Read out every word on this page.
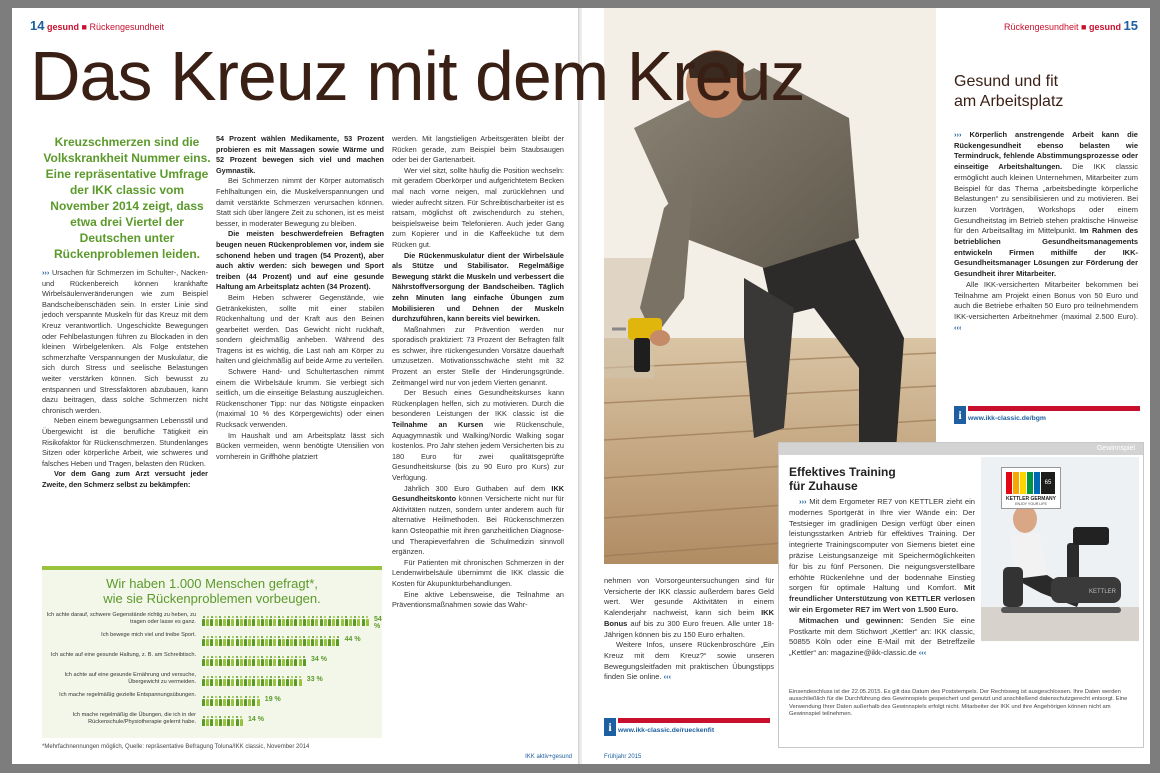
14 gesund ■ Rückengesundheit
Kreuzschmerzen sind die Volkskrankheit Nummer eins. Eine repräsentative Umfrage der IKK classic vom November 2014 zeigt, dass etwa drei Viertel der Deutschen unter Rückenproblemen leiden.

››› Ursachen für Schmerzen im Schulter-, Nacken- und Rückenbereich können krankhafte Wirbelsäulenveränderungen wie zum Beispiel Bandscheibenschäden sein. In erster Linie sind jedoch verspannte Muskeln für das Kreuz mit dem Kreuz verantwortlich. Ungeschickte Bewegungen oder Fehlbelastungen führen zu Blockaden in den kleinen Wirbelgelenken. Als Folge entstehen schmerzhafte Verspannungen der Muskulatur, die sich durch Stress und seelische Belastungen weiter verstärken können. Sich bewusst zu entspannen und Stressfaktoren abzubauen, kann dazu beitragen, dass solche Schmerzen nicht chronisch werden.

Neben einem bewegungsarmen Lebensstil und Übergewicht ist die berufliche Tätigkeit ein Risikofaktor für Rückenschmerzen. Stundenlanges Sitzen oder körperliche Arbeit, wie schweres und falsches Heben und Tragen, belasten den Rücken.

Vor dem Gang zum Arzt versucht jeder Zweite, den Schmerz selbst zu bekämpfen:

54 Prozent wählen Medikamente, 53 Prozent probieren es mit Massagen sowie Wärme und 52 Prozent bewegen sich viel und machen Gymnastik.

Bei Schmerzen nimmt der Körper automatisch Fehlhaltungen ein, die Muskelverspannungen und damit verstärkte Schmerzen verursachen können. Statt sich über längere Zeit zu schonen, ist es meist besser, in moderater Bewegung zu bleiben.

Die meisten beschwerdefreien Befragten beugen neuen Rückenproblemen vor, indem sie schonend heben und tragen (54 Prozent), aber auch aktiv werden: sich bewegen und Sport treiben (44 Prozent) und auf eine gesunde Haltung am Arbeitsplatz achten (34 Prozent).

Beim Heben schwerer Gegenstände, wie Getränkekisten, sollte mit einer stabilen Rückenhaltung und der Kraft aus den Beinen gearbeitet werden. Das Gewicht nicht ruckhaft, sondern gleichmäßig anheben. Während des Tragens ist es wichtig, die Last nah am Körper zu halten und gleichmäßig auf beide Arme zu verteilen.

Schwere Hand- und Schultertaschen nimmt einem die Wirbelsäule krumm. Sie verbiegt sich seitlich, um die einseitige Belastung auszugleichen. Rückenschoner Tipp: nur das Nötigste einpacken (maximal 10 % des Körpergewichts) oder einen Rucksack verwenden.

Im Haushalt und am Arbeitsplatz lässt sich Bücken vermeiden, wenn benötigte Utensilien von vornherein in Griffhöhe platziert

werden. Mit langstieligen Arbeitsgeräten bleibt der Rücken gerade, zum Beispiel beim Staubsaugen oder bei der Gartenarbeit.

Wer viel sitzt, sollte häufig die Position wechseln: mit geradem Oberkörper und aufgerichtetem Becken mal nach vorne neigen, mal zurücklehnen und wieder aufrecht sitzen. Für Schreibtischarbeiter ist es ratsam, möglichst oft zwischendurch zu stehen, beispielsweise beim Telefonieren. Auch jeder Gang zum Kopierer und in die Kaffeeküche tut dem Rücken gut.

Die Rückenmuskulatur dient der Wirbelsäule als Stütze und Stabilisator. Regelmäßige Bewegung stärkt die Muskeln und verbessert die Nährstoffversorgung der Bandscheiben. Täglich zehn Minuten lang einfache Übungen zum Mobilisieren und Dehnen der Muskeln durchzuführen, kann bereits viel bewirken.

Maßnahmen zur Prävention werden nur sporadisch praktiziert: 73 Prozent der Befragten fällt es schwer, ihre rückengesunden Vorsätze dauerhaft umzusetzen. Motivationsschwäche steht mit 32 Prozent an erster Stelle der Hinderungsgründe. Zeitmangel wird nur von jedem Vierten genannt.

Der Besuch eines Gesundheitskurses kann Rückenplagen helfen, sich zu motivieren. Durch die besonderen Leistungen der IKK classic ist die Teilnahme an Kursen wie Rückenschule, Aquagymnastik und Walking/Nordic Walking sogar kostenlos. Pro Jahr stehen jedem Versicherten bis zu 180 Euro für zwei qualitätsgeprüfte Gesundheitskurse (bis zu 90 Euro pro Kurs) zur Verfügung.

Jährlich 300 Euro Guthaben auf dem IKK Gesundheitskonto können Versicherte nicht nur für Aktivitäten nutzen, sondern unter anderem auch für alternative Heilmethoden. Bei Rückenschmerzen kann Osteopathie mit ihren ganzheitlichen Diagnose- und Therapieverfahren die Schulmedizin sinnvoll ergänzen.

Für Patienten mit chronischen Schmerzen in der Lendenwirbelsäule übernimmt die IKK classic die Kosten für Akupunkturbehandlungen.

Eine aktive Lebensweise, die Teilnahme an Präventionsmaßnahmen sowie das Wahr-

Wir haben 1.000 Menschen gefragt*,
wie sie Rückenproblemen vorbeugen.
Ich achte darauf, schwere Gegenstände richtig zu heben, zu tragen oder lasse es ganz.	54 %
Ich bewege mich viel und treibe Sport.
44 %
Ich achte auf eine gesunde Haltung, z. B. am Schreibtisch.
34 %
Ich achte auf eine gesunde Ernährung und versuche, Übergewicht zu vermeiden.	33 %
Ich mache regelmäßig gezielte Entspannungsübungen.
19 %
Ich mache regelmäßig die Übungen, die ich in der Rückenschule/Physiotherapie gelernt habe.	14 %
*Mehrfachnennungen möglich, Quelle: repräsentative Befragung Toluna/IKK classic, November 2014
IKK aktiv+gesund
Rückengesundheit ■ gesund 15
Gesund und fit
am Arbeitsplatz

››› Körperlich anstrengende Arbeit kann die Rückengesundheit ebenso belasten wie Termindruck, fehlende Abstimmungsprozesse oder einseitige Arbeitshaltungen. Die IKK classic ermöglicht auch kleinen Unternehmen, Mitarbeiter zum Beispiel für das Thema „arbeitsbedingte körperliche Belastungen“ zu sensibilisieren und zu motivieren. Bei kurzen Vorträgen, Workshops oder einem Gesundheitstag im Betrieb stehen praktische Hinweise für den Arbeitsalltag im Mittelpunkt. Im Rahmen des betrieblichen Gesundheitsmanagements entwickeln Firmen mithilfe der IKK-Gesundheitsmanager Lösungen zur Förderung der Gesundheit ihrer Mitarbeiter.

Alle IKK-versicherten Mitarbeiter bekommen bei Teilnahme am Projekt einen Bonus von 50 Euro und auch die Betriebe erhalten 50 Euro pro teilnehmendem IKK-versicherten Arbeitnehmer (maximal 2.500 Euro). ‹‹‹

i www.ikk-classic.de/bgm

nehmen von Vorsorgeuntersuchungen sind für Versicherte der IKK classic außerdem bares Geld wert. Wer gesunde Aktivitäten in einem Kalenderjahr nachweist, kann sich beim IKK Bonus auf bis zu 300 Euro freuen. Alle unter 18-Jährigen können bis zu 150 Euro erhalten.

Weitere Infos, unsere Rückenbroschüre „Ein Kreuz mit dem Kreuz?“ sowie unseren Bewegungsleitfaden mit praktischen Übungstipps finden Sie online. ‹‹‹

i www.ikk-classic.de/rueckenfit
Frühjahr 2015
Gewinnspiel
Effektives Training
für Zuhause

››› Mit dem Ergometer RE7 von KETTLER zieht ein modernes Sportgerät in Ihre vier Wände ein: Der Testsieger im gradlinigen Design verfügt über einen leistungsstarken Antrieb für effektives Training. Der integrierte Trainingscomputer von Siemens bietet eine präzise Leistungsanzeige mit Speichermöglichkeiten für bis zu fünf Personen. Die neigungsverstellbare erhöhte Rückenlehne und der bodennahe Einstieg sorgen für optimale Haltung und Komfort. Mit freundlicher Unterstützung von KETTLER verlosen wir ein Ergometer RE7 im Wert von 1.500 Euro.

Mitmachen und gewinnen: Senden Sie eine Postkarte mit dem Stichwort „Kettler“ an: IKK classic, 50855 Köln oder eine E-Mail mit der Betreffzeile „Kettler“ an: magazine@ikk-classic.de ‹‹‹

KETTLER
65
KETTLER GERMANY
ENJOY YOUR LIFE
Einsendeschluss ist der 22.05.2015. Es gilt das Datum des Poststempels. Der Rechtsweg ist ausgeschlossen. Ihre Daten werden ausschließlich für die Durchführung des Gewinnspiels gespeichert und genutzt und anschließend datenschutzgerecht entsorgt. Eine Verwendung Ihrer Daten außerhalb des Gewinnspiels erfolgt nicht. Mitarbeiter der IKK und ihre Angehörigen können nicht am Gewinnspiel teilnehmen.
Das Kreuz mit dem Kreuz
